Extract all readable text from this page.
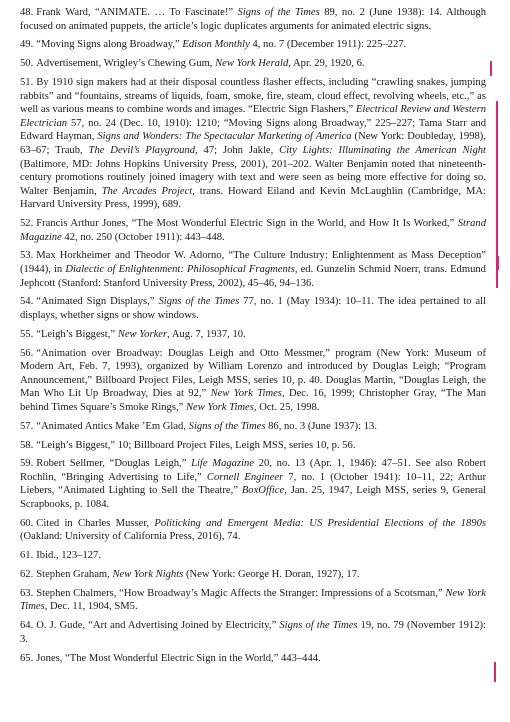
48. Frank Ward, “ANIMATE. … To Fascinate!” Signs of the Times 89, no. 2 (June 1938): 14. Although focused on animated puppets, the article’s logic duplicates arguments for animated electric signs.

49. “Moving Signs along Broadway,” Edison Monthly 4, no. 7 (December 1911): 225–227.

50. Advertisement, Wrigley’s Chewing Gum, New York Herald, Apr. 29, 1920, 6.

51. By 1910 sign makers had at their disposal countless flasher effects, including “crawling snakes, jumping rabbits” and “fountains, streams of liquids, foam, smoke, fire, steam, cloud effect, revolving wheels, etc.,” as well as various means to combine words and images. “Electric Sign Flashers,” Electrical Review and Western Electrician 57, no. 24 (Dec. 10, 1910): 1210; “Moving Signs along Broadway,” 225–227; Tama Starr and Edward Hayman, Signs and Wonders: The Spectacular Marketing of America (New York: Doubleday, 1998), 63–67; Traub, The Devil’s Playground, 47; John Jakle, City Lights: Illuminating the American Night (Baltimore, MD: Johns Hopkins University Press, 2001), 201–202. Walter Benjamin noted that nineteenth-century promotions routinely joined imagery with text and were seen as being more effective for doing so. Walter Benjamin, The Arcades Project, trans. Howard Eiland and Kevin McLaughlin (Cambridge, MA: Harvard University Press, 1999), 689.

52. Francis Arthur Jones, “The Most Wonderful Electric Sign in the World, and How It Is Worked,” Strand Magazine 42, no. 250 (October 1911): 443–448.

53. Max Horkheimer and Theodor W. Adorno, “The Culture Industry: Enlightenment as Mass Deception” (1944), in Dialectic of Enlightenment: Philosophical Fragments, ed. Gunzelin Schmid Noerr, trans. Edmund Jephcott (Stanford: Stanford University Press, 2002), 45–46, 94–136.

54. “Animated Sign Displays,” Signs of the Times 77, no. 1 (May 1934): 10–11. The idea pertained to all displays, whether signs or show windows.

55. “Leigh’s Biggest,” New Yorker, Aug. 7, 1937, 10.

56. “Animation over Broadway: Douglas Leigh and Otto Messmer,” program (New York: Museum of Modern Art, Feb. 7, 1993), organized by William Lorenzo and introduced by Douglas Leigh; “Program Announcement,” Billboard Project Files, Leigh MSS, series 10, p. 40. Douglas Martin, “Douglas Leigh, the Man Who Lit Up Broadway, Dies at 92,” New York Times, Dec. 16, 1999; Christopher Gray, “The Man behind Times Square’s Smoke Rings,” New York Times, Oct. 25, 1998.

57. “Animated Antics Make ’Em Glad, Signs of the Times 86, no. 3 (June 1937): 13.

58. “Leigh’s Biggest,” 10; Billboard Project Files, Leigh MSS, series 10, p. 56.

59. Robert Sellmer, “Douglas Leigh,” Life Magazine 20, no. 13 (Apr. 1, 1946): 47–51. See also Robert Rochlin, “Bringing Advertising to Life,” Cornell Engineer 7, no. 1 (October 1941): 10–11, 22; Arthur Liebers, “Animated Lighting to Sell the Theatre,” BoxOffice, Jan. 25, 1947, Leigh MSS, series 9, General Scrapbooks, p. 1084.

60. Cited in Charles Musser, Politicking and Emergent Media: US Presidential Elections of the 1890s (Oakland: University of California Press, 2016), 74.

61. Ibid., 123–127.

62. Stephen Graham, New York Nights (New York: George H. Doran, 1927), 17.

63. Stephen Chalmers, “How Broadway’s Magic Affects the Stranger: Impressions of a Scotsman,” New York Times, Dec. 11, 1904, SM5.

64. O. J. Gude, “Art and Advertising Joined by Electricity,” Signs of the Times 19, no. 79 (November 1912): 3.

65. Jones, “The Most Wonderful Electric Sign in the World,” 443–444.
